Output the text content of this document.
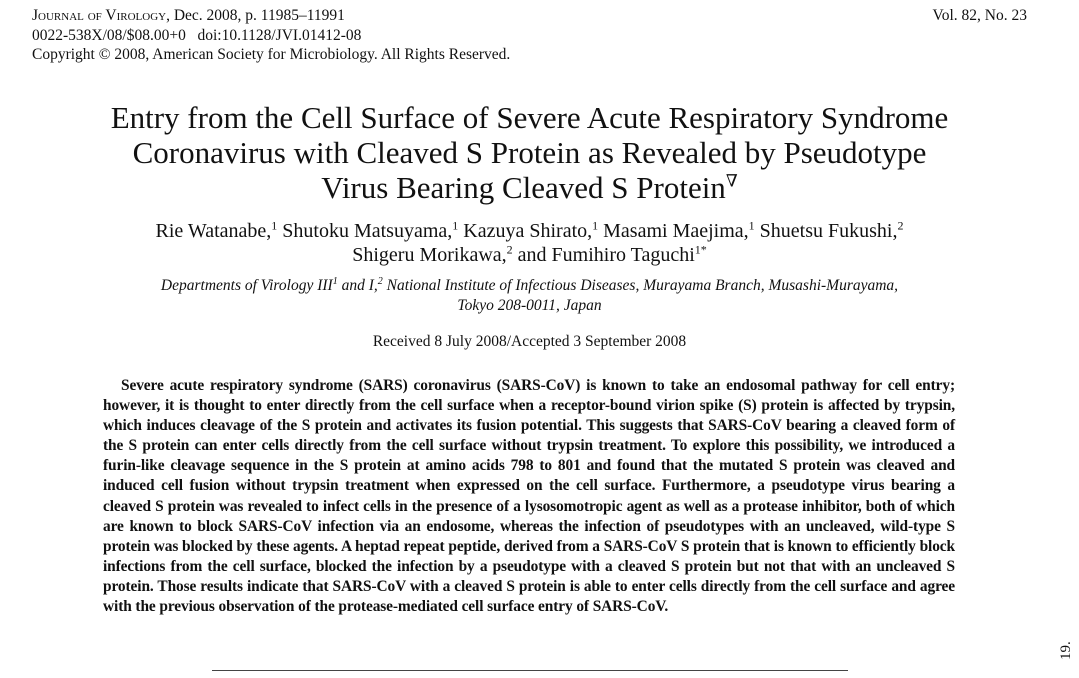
Journal of Virology, Dec. 2008, p. 11985–11991
0022-538X/08/$08.00+0   doi:10.1128/JVI.01412-08
Copyright © 2008, American Society for Microbiology. All Rights Reserved.
Vol. 82, No. 23
Entry from the Cell Surface of Severe Acute Respiratory Syndrome
Coronavirus with Cleaved S Protein as Revealed by Pseudotype
Virus Bearing Cleaved S Protein∇
Rie Watanabe,$^1$ Shutoku Matsuyama,$^1$ Kazuya Shirato,$^1$ Masami Maejima,$^1$ Shuetsu Fukushi,$^2$
Shigeru Morikawa,$^2$ and Fumihiro Taguchi$^{1*}$
Departments of Virology III$^1$ and I,$^2$ National Institute of Infectious Diseases, Murayama Branch, Musashi-Murayama,
Tokyo 208-0011, Japan
Received 8 July 2008/Accepted 3 September 2008
Severe acute respiratory syndrome (SARS) coronavirus (SARS-CoV) is known to take an endosomal pathway for cell entry; however, it is thought to enter directly from the cell surface when a receptor-bound virion spike (S) protein is affected by trypsin, which induces cleavage of the S protein and activates its fusion potential. This suggests that SARS-CoV bearing a cleaved form of the S protein can enter cells directly from the cell surface without trypsin treatment. To explore this possibility, we introduced a furin-like cleavage sequence in the S protein at amino acids 798 to 801 and found that the mutated S protein was cleaved and induced cell fusion without trypsin treatment when expressed on the cell surface. Furthermore, a pseudotype virus bearing a cleaved S protein was revealed to infect cells in the presence of a lysosomotropic agent as well as a protease inhibitor, both of which are known to block SARS-CoV infection via an endosome, whereas the infection of pseudotypes with an uncleaved, wild-type S protein was blocked by these agents. A heptad repeat peptide, derived from a SARS-CoV S protein that is known to efficiently block infections from the cell surface, blocked the infection by a pseudotype with a cleaved S protein but not that with an uncleaved S protein. Those results indicate that SARS-CoV with a cleaved S protein is able to enter cells directly from the cell surface and agree with the previous observation of the protease-mediated cell surface entry of SARS-CoV.
19.
